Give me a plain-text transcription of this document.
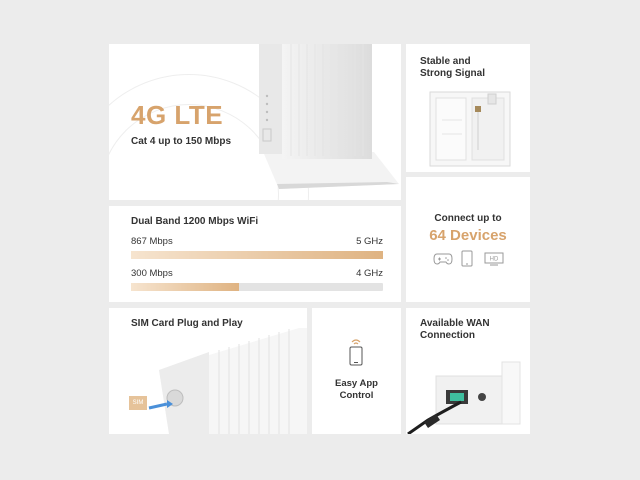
4G LTE
Cat 4 up to 150 Mbps
Stable and
Strong Signal
Dual Band 1200 Mbps WiFi
867 Mbps	5 GHz
300 Mbps	4 GHz
Connect up to
64 Devices
HD
SIM Card Plug and Play
SIM
Easy App
Control
Available WAN
Connection
